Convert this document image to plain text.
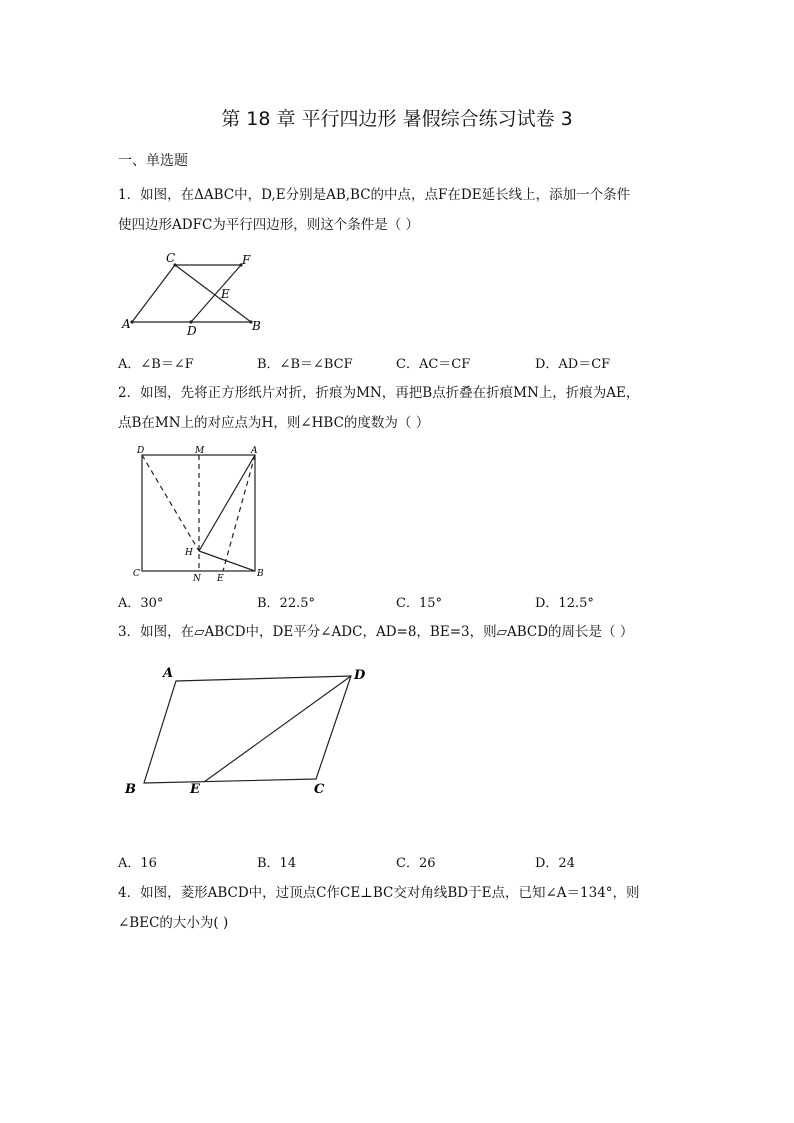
第 18 章 平行四边形 暑假综合练习试卷 3
一、单选题
1．如图，在ΔABC中，D,E分别是AB,BC的中点，点F在DE延长线上，添加一个条件
使四边形ADFC为平行四边形，则这个条件是（ ）
C	F
E
A	D	B
A．∠B＝∠F	B．∠B＝∠BCF	C．AC＝CF	D．AD＝CF
2．如图，先将正方形纸片对折，折痕为MN，再把B点折叠在折痕MN上，折痕为AE，
点B在MN上的对应点为H，则∠HBC的度数为（ ）
D	M	A
H
C	N E	B
A．30°	B．22.5°	C．15°	D．12.5°
3．如图，在▱ABCD中，DE平分∠ADC，AD=8，BE=3，则▱ABCD的周长是（ ）
A	D
B	E	C
A．16	B．14	C．26	D．24
4．如图，菱形ABCD中，过顶点C作CE⊥BC交对角线BD于E点，已知∠A＝134°，则
∠BEC的大小为( )
